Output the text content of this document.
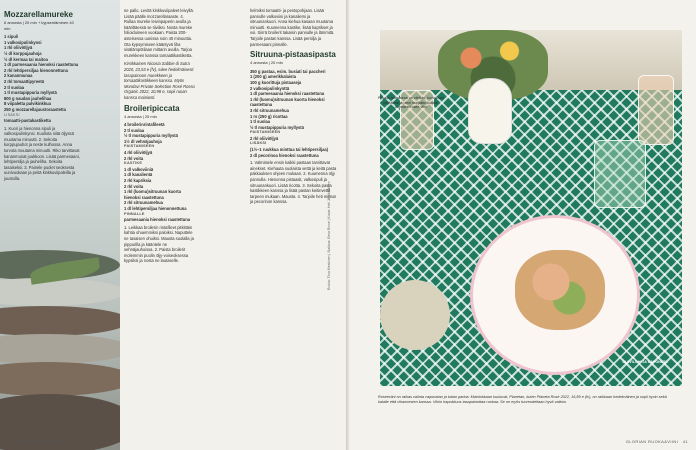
Mozzarellamureke
6 annosta | 20 min + kypsentäminen 40 min
1 sipuli
1 valkosipulinkynsi
1 rkl oliiviöljyä
½ dl korppujauhoja
½ dl kermaa tai maitoa
1 dl parmesaania hienoksi raastettuna
2 rkl lehtipersiljaa hienonnettuna
2 kananmunaa
2 rkl tomaattipyreetä
2 tl suolaa
1 tl mustapippuria myllystä
800 g naudan jauhelihaa
8 viipaletta palvikinkkua
250 g mozzarellajuustoraastetta
LISÄKSI
tomaatti-pastakastiketta
1. Kuori ja hienonna sipuli ja valkosipulinkynsi. Kuullota niitä öljyssä muutama minuutti. 2. Sekoita korppujauhot ja neste kulhossa. Anna turvota muutama minuutti. Riko tarvittavat kananmunat joukkoon. Lisää parmesaani, lehtipersilja ja jauheliha. Sekoita tasaiseksi. 3. Painele puolet seoksesta uunivuokaan ja peitä kinkkuviipaleilla ja juustolla.
ne pallo. Levitä kinkkuviipaleet leivyllä. Lisää päälle mozzarellaraaste. 4. Rullaa mureke leivinpaperin avulla ja käärittäessä se tiiviiksi. Nosta mureke folioiduineen vuokaan. Paista 200-asteisessa uunissa noin 40 minuuttia. Ota kypsymiseen kääntyvä liha sisälämpötilaan mittarin avulla. Tarjoa murekkeen kanssa tomaattikastiketta.
Kirsikkainen Nicosia Sabbie di Sutra 2020, 23,53 e (fv), tulee hedelmäisesti tasapainoon murekkeen ja tomaattikastikkeen kanssa. Myös Mondavi Private Selection Rosé Rosso Organic 2022, 10,98 e, sopii ruoan kanssa mainiosti.
Broileripiccata
4 annosta | 25 min
4 broilerinrintafileetä
2 tl suolaa
½ tl mustapippuria myllystä
1½ dl vehnäjauhoja
PAISTAMISEEN
4 rkl oliiviöljyä
2 rkl voita
KASTIKE
1 dl valkoviiniä
1 dl kanalientä
2 rkl kapriksia
2 rkl voita
1 rkl (luomu)sitruunan kuorta hienoksi raastettuna
2 rkl sitruunamehua
1 dl lehtipersiljaa hienonnettuna
PINNALLE
parmesaania hienoksi raastettuna
1. Leikkaa broilerin rintafileet pitkittäin kahtia ohuemmiksi paloiksi. Naputtele ne tasaisen ohuiksi. Mausta suolalla ja pippurilla ja kääntele ne vehnäjauhoissa. 2. Paista broilerit molemmin puolin öljy-voiseoksessa kypsiksi ja nosta ne lautaselle.
helmiksi tomaatti- ja pestopohjaan. Lisää pannulle valkoviini ja kanaliemi ja sitruunankuori. Anna kiehua kasaan muutama minuutti. Kuumenna kastike, lisää kaprikset ja voi. Siirrä broilerit takaisin pannulle ja lämmitä. Tarjoile pastan kanssa. Lisää persilja ja parmesaani pinnalle.
Sitruuna-pistaasipasta
4 annosta | 20 min
350 g pastaa, esim. busiati tai paccheri
1 (200 g) amerikkalaista
100 g kuorittuja pistaaseja
2 valkosipulinkynttä
1 dl parmesaania hienoksi raastettuna
1 rkl (luomu)sitruunan kuorta hienoksi raastettuna
3 rkl sitruunamehua
1 rs (250 g) ricottaa
1 tl suolaa
½ tl mustapippuria myllystä
PAISTAMISEEN
2 rkl oliiviöljyä
LISÄKSI
(1½–1 ruukkua minttua tai lehtipersiljaa)
2 dl pecorinoa hienoksi raastettuna
1. Valmistele ensin kaikki pastaan tarvittavat ainekset. Kiehauta suolaista vettä ja keitä pasta pakkauksen ohjeen mukaan. 2. Kuumenna öljy pannulla. Hienonna pistaasit, valkosipuli ja sitruunankuori. Lisää ricotta. 3. Sekoita pasta kastikkeen kanssa ja lisää pastan keitinvettä tarpeen mukaan. Mausta. 4. Tarjoile heti mintun ja pecorinon kanssa.
40 GLORIAN RUOKA&VIINI	GLORIAN RUOKA&VIINI 41
Ruoka: Tiina Kieskinen | Stailaus: Eeva Rinne | Kuvat: Heli Jääskeläinen
Pöydän koristeena on värikäs, kuviollinen pöytäliina ja pieni maljakko kukkia. Juomaksi rosee-viini.
OLIIVILOHI JA CAPONATA
Roseeviini on raikas valinta caponatan ja kalan parina: Mainiokkaan kuuluvat, Planetan, kuten Planeta Rosé 2022, 16,89 e (fv), on raikkaan hedelmäinen ja sopii hyvin sekä kalalle että vihannesten kanssa. Viinin hapokkuus tasapainottaa ruokaa. Se on myös tuoreudeltaan hyvä valinta.
